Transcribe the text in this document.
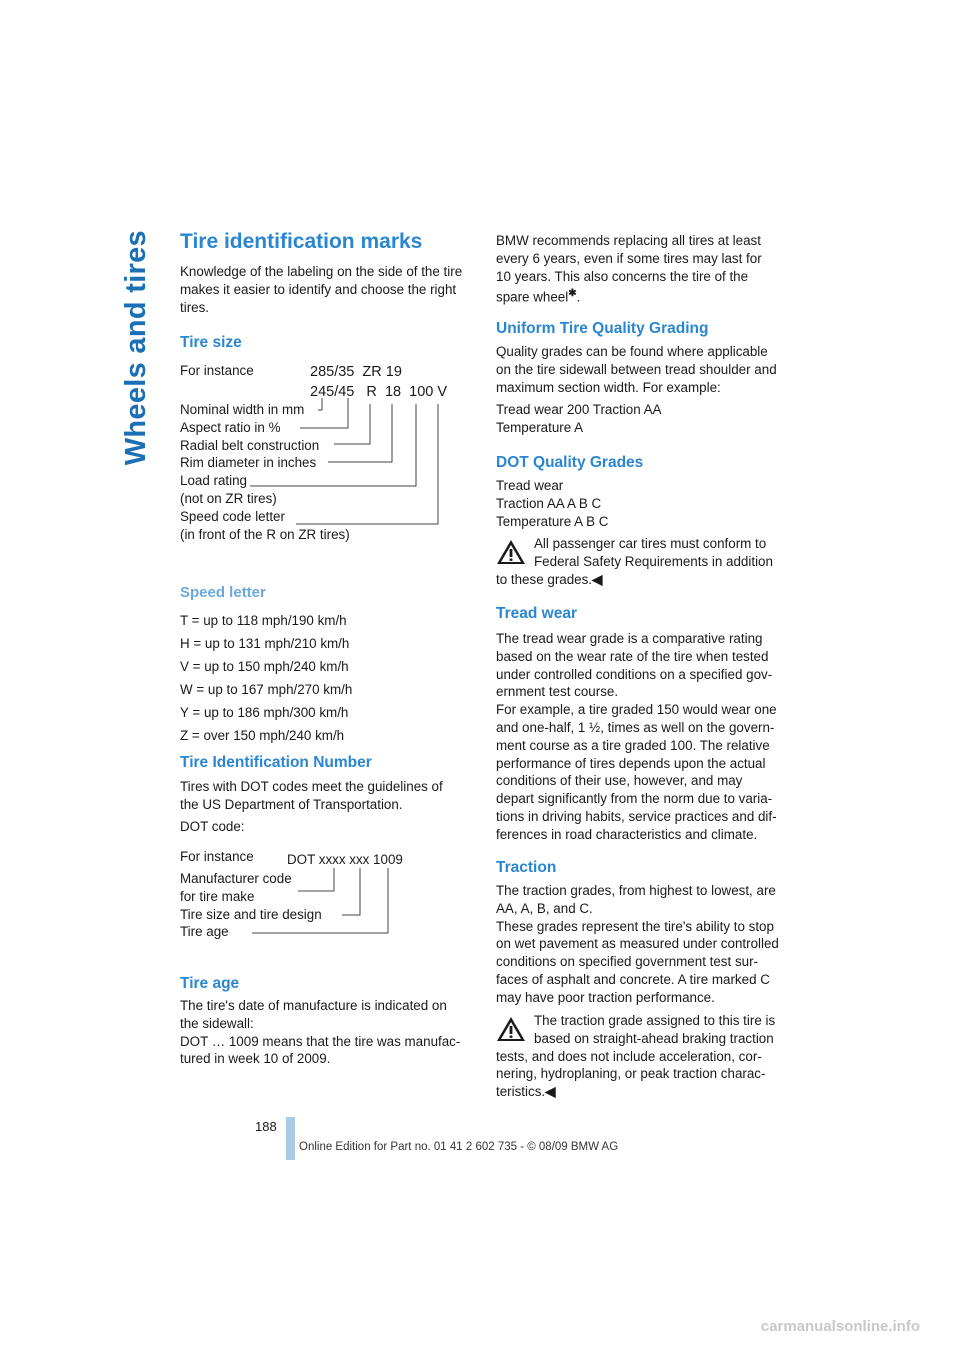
Wheels and tires Tire identification marks
Knowledge of the labeling on the side of the tire
makes it easier to identify and choose the right
tires.
Tire size
For instance	285/35  ZR 19
245/45   R  18  100 V
Nominal width in mm
Aspect ratio in %
Radial belt construction
Rim diameter in inches
Load rating
(not on ZR tires)
Speed code letter
(in front of the R on ZR tires)
Speed letter
T = up to 118 mph/190 km/h
H = up to 131 mph/210 km/h
V = up to 150 mph/240 km/h
W = up to 167 mph/270 km/h
Y = up to 186 mph/300 km/h
Z = over 150 mph/240 km/h
Tire Identification Number
Tires with DOT codes meet the guidelines of
the US Department of Transportation.
DOT code:
For instance DOT xxxx xxx 1009
Manufacturer code
for tire make
Tire size and tire design
Tire age
Tire age
The tire's date of manufacture is indicated on
the sidewall:
DOT … 1009 means that the tire was manufac-
tured in week 10 of 2009.
BMW recommends replacing all tires at least
every 6 years, even if some tires may last for
10 years. This also concerns the tire of the
spare wheel✱.
Uniform Tire Quality Grading
Quality grades can be found where applicable
on the tire sidewall between tread shoulder and
maximum section width. For example:
Tread wear 200 Traction AA
Temperature A
DOT Quality Grades
Tread wear
Traction AA A B C
Temperature A B C
All passenger car tires must conform to
Federal Safety Requirements in addition
to these grades.◀
Tread wear
The tread wear grade is a comparative rating
based on the wear rate of the tire when tested
under controlled conditions on a specified gov-
ernment test course.
For example, a tire graded 150 would wear one
and one-half, 1 ½, times as well on the govern-
ment course as a tire graded 100. The relative
performance of tires depends upon the actual
conditions of their use, however, and may
depart significantly from the norm due to varia-
tions in driving habits, service practices and dif-
ferences in road characteristics and climate.
Traction
The traction grades, from highest to lowest, are
AA, A, B, and C.
These grades represent the tire's ability to stop
on wet pavement as measured under controlled
conditions on specified government test sur-
faces of asphalt and concrete. A tire marked C
may have poor traction performance.
The traction grade assigned to this tire is
based on straight-ahead braking traction
tests, and does not include acceleration, cor-
nering, hydroplaning, or peak traction charac-
teristics.◀
188
Online Edition for Part no. 01 41 2 602 735 - © 08/09 BMW AG
carmanualsonline.info
